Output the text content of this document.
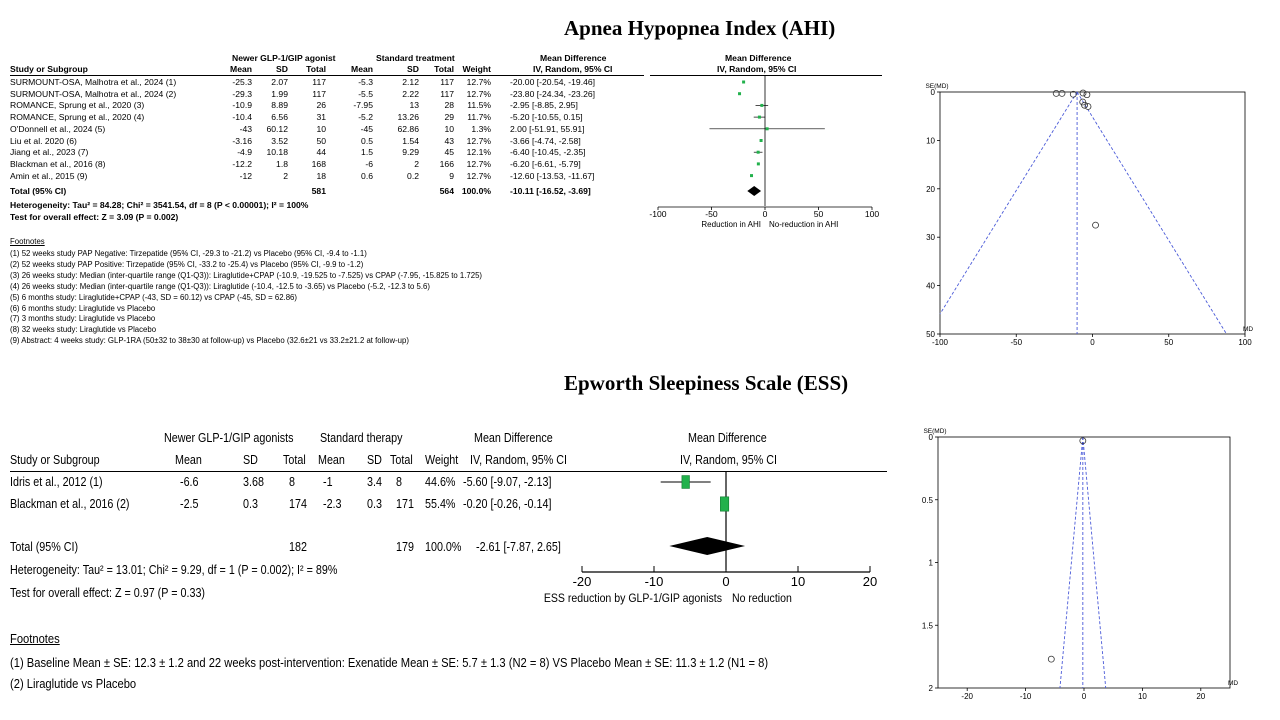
Apnea Hypopnea Index (AHI)
Newer GLP-1/GIP agonist	Standard treatment	Mean Difference	Mean Difference
Study or Subgroup	Mean	SD	Total	Mean	SD	Total Weight	IV, Random, 95% CI	IV, Random, 95% CI
SURMOUNT-OSA, Malhotra et al., 2024 (1)	-25.3	2.07	117	-5.3	2.12	117	12.7% -20.00 [-20.54, -19.46]
SURMOUNT-OSA, Malhotra et al., 2024 (2)	-29.3	1.99	117	-5.5	2.22	117	12.7% -23.80 [-24.34, -23.26]
ROMANCE, Sprung et al., 2020 (3)	-10.9	8.89	26	-7.95	13	28	11.5% -2.95 [-8.85, 2.95]
ROMANCE, Sprung et al., 2020 (4)	-10.4	6.56	31	-5.2	13.26	29	11.7% -5.20 [-10.55, 0.15]
O'Donnell et al., 2024 (5)	-43	60.12	10	-45	62.86	10	1.3% 2.00 [-51.91, 55.91]
Liu et al. 2020 (6)	-3.16	3.52	50	0.5	1.54	43	12.7% -3.66 [-4.74, -2.58]
Jiang et al., 2023 (7)	-4.9	10.18	44	1.5	9.29	45	12.1% -6.40 [-10.45, -2.35]
Blackman et al., 2016 (8)	-12.2	1.8	168	-6	2	166	12.7% -6.20 [-6.61, -5.79]
Amin et al., 2015 (9)	-12	2	18	0.6	0.2	9	12.7% -12.60 [-13.53, -11.67]
Total (95% CI)	581	564 100.0% -10.11 [-16.52, -3.69]
Heterogeneity: Tau² = 84.28; Chi² = 3541.54, df = 8 (P < 0.00001); I² = 100%
Test for overall effect: Z = 3.09 (P = 0.002)	-100	-50	0	50	100
Reduction in AHI No-reduction in AHI
Footnotes
(1) 52 weeks study PAP Negative: Tirzepatide (95% CI, -29.3 to -21.2) vs Placebo (95% CI, -9.4 to -1.1)
(2) 52 weeks study PAP Positive: Tirzepatide (95% CI, -33.2 to -25.4) vs Placebo (95% CI, -9.9 to -1.2)
(3) 26 weeks study: Median (inter-quartile range (Q1-Q3)): Liraglutide+CPAP (-10.9, -19.525 to -7.525) vs CPAP (-7.95, -15.825 to 1.725)
(4) 26 weeks study: Median (inter-quartile range (Q1-Q3)): Liraglutide (-10.4, -12.5 to -3.65) vs Placebo (-5.2, -12.3 to 5.6)
(5) 6 months study: Liraglutide+CPAP (-43, SD = 60.12) vs CPAP (-45, SD = 62.86)
(6) 6 months study: Liraglutide vs Placebo
(7) 3 months study: Liraglutide vs Placebo
(8) 32 weeks study: Liraglutide vs Placebo
(9) Abstract: 4 weeks study: GLP-1RA (50±32 to 38±30 at follow-up) vs Placebo (32.6±21 vs 33.2±21.2 at follow-up)
SE(MD)
MD
0
10
20
30
40
50
-100	-50	0	50	100
Epworth Sleepiness Scale (ESS)
Newer GLP-1/GIP agonists Standard therapy	Mean Difference	Mean Difference
Study or Subgroup	Mean	SD Total Mean SD Total Weight IV, Random, 95% CI	IV, Random, 95% CI
Idris et al., 2012 (1)	-6.6	3.68 8 -1	3.4 8 44.6% -5.60 [-9.07, -2.13]
Blackman et al., 2016 (2)	-2.5	0.3 174 -2.3 0.3 171 55.4% -0.20 [-0.26, -0.14]
Total (95% CI)	182	179 100.0% -2.61 [-7.87, 2.65]
Heterogeneity: Tau² = 13.01; Chi² = 9.29, df = 1 (P = 0.002); I² = 89%
Test for overall effect: Z = 0.97 (P = 0.33)
-20	-10	0	10	20
ESS reduction by GLP-1/GIP agonists No reduction
Footnotes
(1) Baseline Mean ± SE: 12.3 ± 1.2 and 22 weeks post-intervention: Exenatide Mean ± SE: 5.7 ± 1.3 (N2 = 8) VS Placebo Mean ± SE: 11.3 ± 1.2 (N1 = 8)
(2) Liraglutide vs Placebo
SE(MD)
MD
0
0.5
1
1.5
2
-20	-10	0	10	20
